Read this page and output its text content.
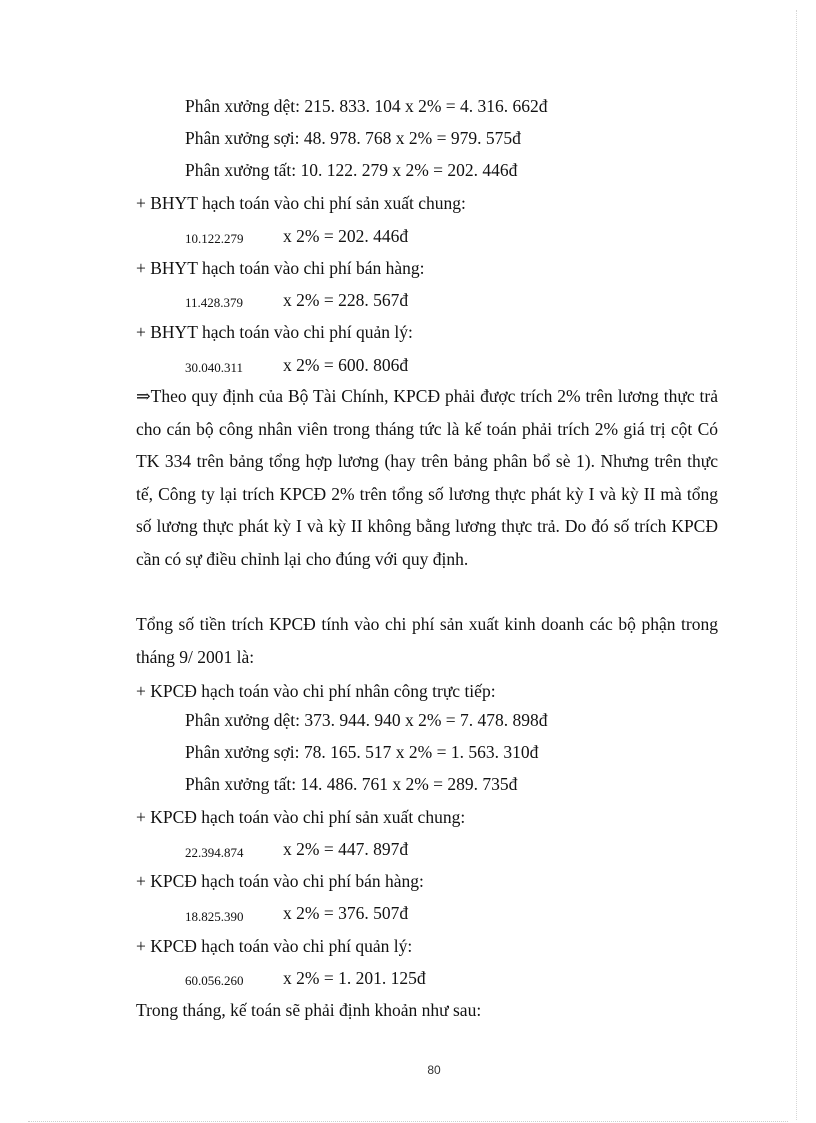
Phân xưởng dệt: 215. 833. 104 x 2% = 4. 316. 662đ
Phân xưởng sợi: 48. 978. 768 x 2% = 979. 575đ
Phân xưởng tất: 10. 122. 279 x 2% = 202. 446đ
+ BHYT hạch toán vào chi phí sản xuất chung:
10.122.279 x 2% = 202. 446đ
+ BHYT hạch toán vào chi phí bán hàng:
11.428.379 x 2% = 228. 567đ
+ BHYT hạch toán vào chi phí quản lý:
30.040.311 x 2% = 600. 806đ
⇒Theo quy định của Bộ Tài Chính, KPCĐ phải được trích 2% trên lương thực trả cho cán bộ công nhân viên trong tháng tức là kế toán phải trích 2% giá trị cột Có TK 334 trên bảng tổng hợp lương (hay trên bảng phân bổ sè 1). Nhưng trên thực tế, Công ty lại trích KPCĐ 2% trên tổng số lương thực phát kỳ I và kỳ II mà tổng số lương thực phát kỳ I và kỳ II không bằng lương thực trả. Do đó số trích KPCĐ cần có sự điều chỉnh lại cho đúng với quy định.
Tổng số tiền trích KPCĐ tính vào chi phí sản xuất kinh doanh các bộ phận trong tháng 9/ 2001 là:
+ KPCĐ hạch toán vào chi phí nhân công trực tiếp:
Phân xưởng dệt: 373. 944. 940 x 2% = 7. 478. 898đ
Phân xưởng sợi: 78. 165. 517 x 2% = 1. 563. 310đ
Phân xưởng tất: 14. 486. 761 x 2% = 289. 735đ
+ KPCĐ hạch toán vào chi phí sản xuất chung:
22.394.874 x 2% = 447. 897đ
+ KPCĐ hạch toán vào chi phí bán hàng:
18.825.390 x 2% = 376. 507đ
+ KPCĐ hạch toán vào chi phí quản lý:
60.056.260 x 2% = 1. 201. 125đ
Trong tháng, kế toán sẽ phải định khoản như sau:
80
